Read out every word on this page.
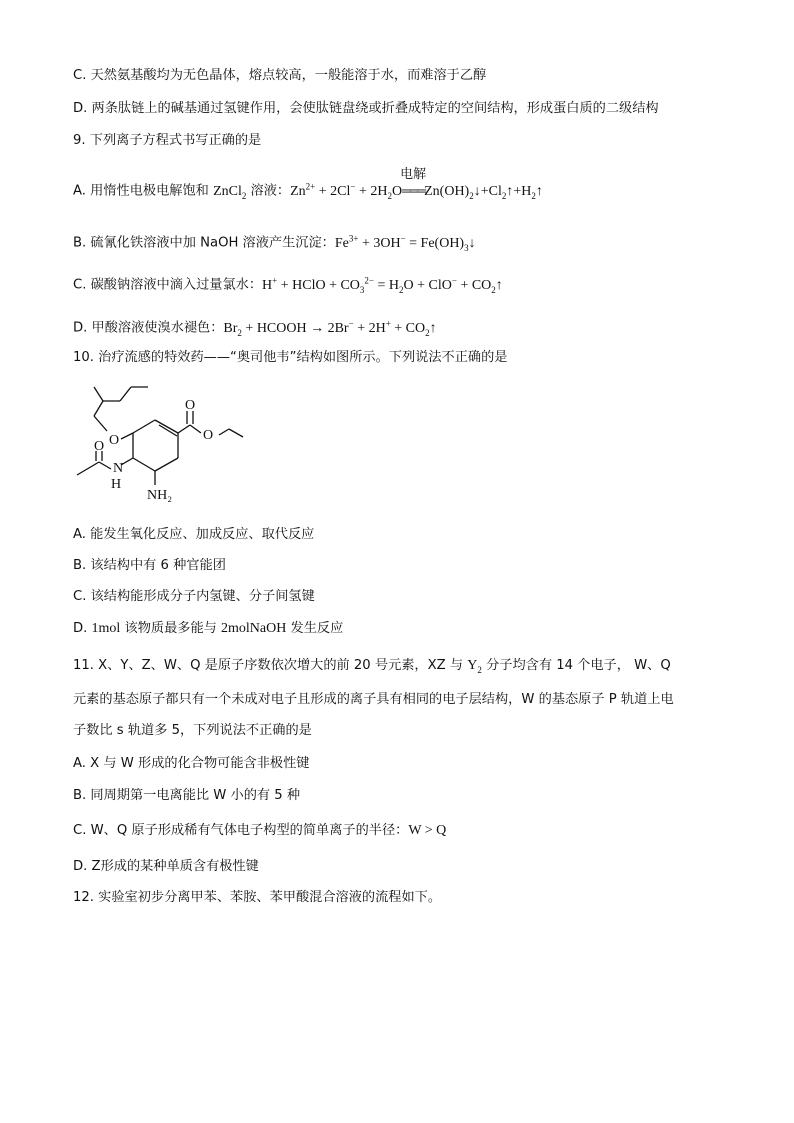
C. 天然氨基酸均为无色晶体，熔点较高，一般能溶于水，而难溶于乙醇
D. 两条肽链上的碱基通过氢键作用，会使肽链盘绕或折叠成特定的空间结构，形成蛋白质的二级结构
9. 下列离子方程式书写正确的是
A. 用惰性电极电解饱和 ZnCl$_2$ 溶液：$Zn^{2+} + 2Cl^- + 2H_2O$
电解
$═══Zn(OH)_2↓+Cl_2↑+H_2↑$
B. 硫氰化铁溶液中加 NaOH 溶液产生沉淀：$Fe^{3+} + 3OH^-$ = $Fe(OH)_3↓$
C. 碳酸钠溶液中滴入过量氯水：H+ + HClO + $CO_3^{2-} = H_2O + ClO^-$ + $CO_2↑$
D. 甲酸溶液使溴水褪色：$Br_2$ + HCOOH → $2Br^- + 2H^+ + CO_2↑$
10. 治疗流感的特效药——“奥司他韦”结构如图所示。下列说法不正确的是
O
O
O
O
N
H
NH₂
A. 能发生氧化反应、加成反应、取代反应
B. 该结构中有 6 种官能团
C. 该结构能形成分子内氢键、分子间氢键
D. 1mol 该物质最多能与 2molNaOH 发生反应
11. X、Y、Z、W、Q 是原子序数依次增大的前 20 号元素，XZ 与 $Y_2$ 分子均含有 14 个电子， W、Q
元素的基态原子都只有一个未成对电子且形成的离子具有相同的电子层结构，W 的基态原子 P 轨道上电
子数比 s 轨道多 5，下列说法不正确的是
A. X 与 W 形成的化合物可能含非极性键
B. 同周期第一电离能比 W 小的有 5 种
C. W、Q 原子形成稀有气体电子构型的简单离子的半径：W > Q
D. Z形成的某种单质含有极性键
12. 实验室初步分离甲苯、苯胺、苯甲酸混合溶液的流程如下。
